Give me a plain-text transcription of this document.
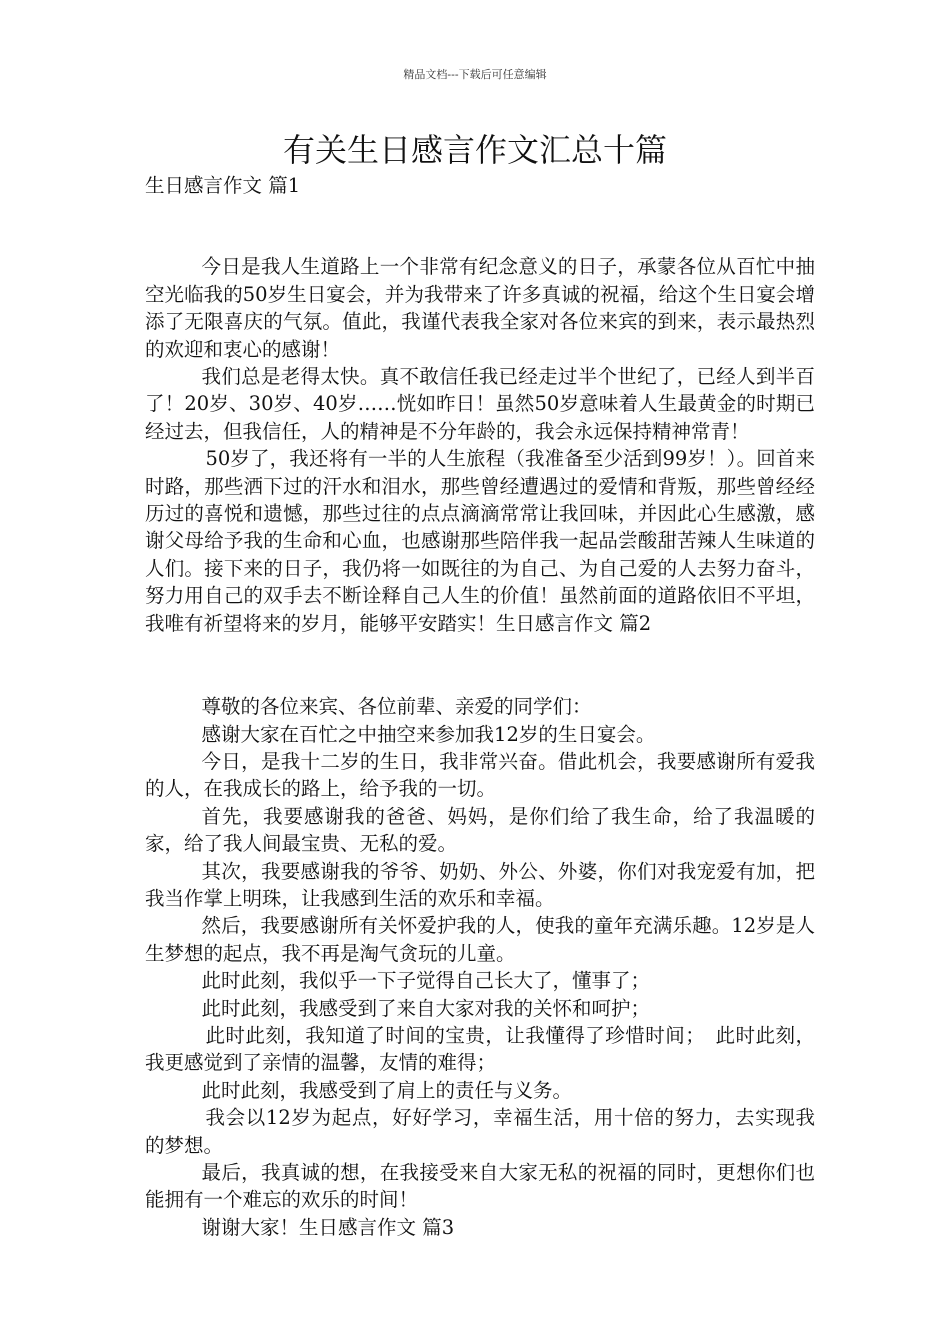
精品文档---下载后可任意编辑
有关生日感言作文汇总十篇

生日感言作文 篇1

今日是我人生道路上一个非常有纪念意义的日子，承蒙各位从百忙中抽空光临我的50岁生日宴会，并为我带来了许多真诚的祝福，给这个生日宴会增添了无限喜庆的气氛。值此，我谨代表我全家对各位来宾的到来，表示最热烈的欢迎和衷心的感谢！

我们总是老得太快。真不敢信任我已经走过半个世纪了，已经人到半百了！20岁、30岁、40岁……恍如昨日！虽然50岁意味着人生最黄金的时期已经过去，但我信任，人的精神是不分年龄的，我会永远保持精神常青！

50岁了，我还将有一半的人生旅程（我准备至少活到99岁！）。回首来时路，那些洒下过的汗水和泪水，那些曾经遭遇过的爱情和背叛，那些曾经经历过的喜悦和遗憾，那些过往的点点滴滴常常让我回味，并因此心生感激，感谢父母给予我的生命和心血，也感谢那些陪伴我一起品尝酸甜苦辣人生味道的人们。接下来的日子，我仍将一如既往的为自己、为自己爱的人去努力奋斗，努力用自己的双手去不断诠释自己人生的价值！虽然前面的道路依旧不平坦，我唯有祈望将来的岁月，能够平安踏实！生日感言作文 篇2

尊敬的各位来宾、各位前辈、亲爱的同学们：

感谢大家在百忙之中抽空来参加我12岁的生日宴会。

今日，是我十二岁的生日，我非常兴奋。借此机会，我要感谢所有爱我的人，在我成长的路上，给予我的一切。

首先，我要感谢我的爸爸、妈妈，是你们给了我生命，给了我温暖的家，给了我人间最宝贵、无私的爱。

其次，我要感谢我的爷爷、奶奶、外公、外婆，你们对我宠爱有加，把我当作掌上明珠，让我感到生活的欢乐和幸福。

然后，我要感谢所有关怀爱护我的人，使我的童年充满乐趣。12岁是人生梦想的起点，我不再是淘气贪玩的儿童。

此时此刻，我似乎一下子觉得自己长大了，懂事了；

此时此刻，我感受到了来自大家对我的关怀和呵护；

此时此刻，我知道了时间的宝贵，让我懂得了珍惜时间；　此时此刻，我更感觉到了亲情的温馨，友情的难得；

此时此刻，我感受到了肩上的责任与义务。

我会以12岁为起点，好好学习，幸福生活，用十倍的努力，去实现我的梦想。

最后，我真诚的想，在我接受来自大家无私的祝福的同时，更想你们也能拥有一个难忘的欢乐的时间！

谢谢大家！生日感言作文 篇3
